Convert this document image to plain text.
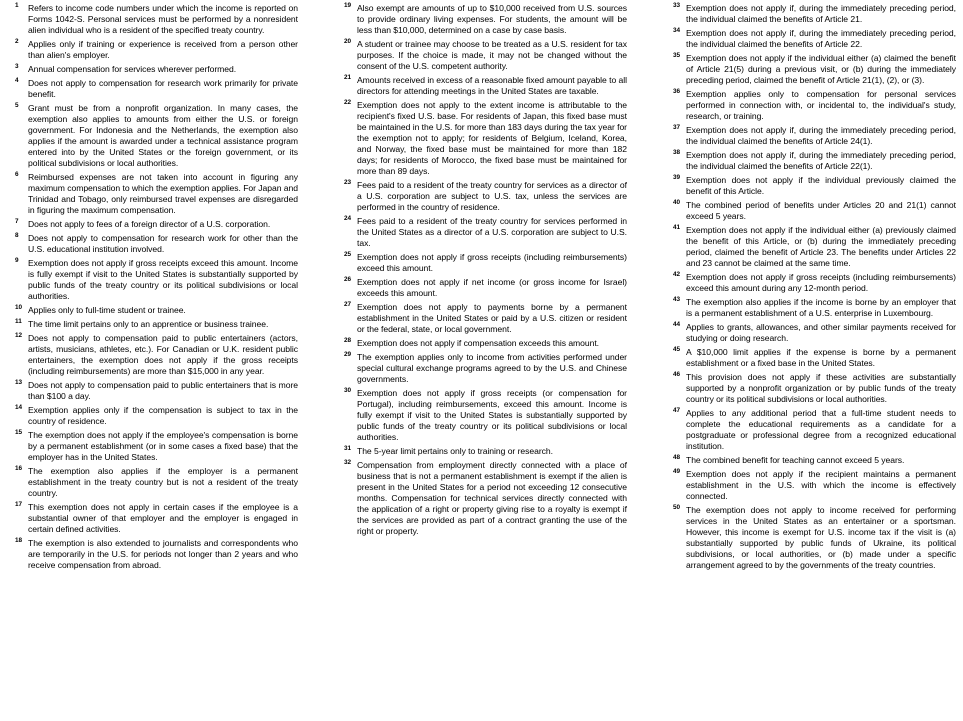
1 Refers to income code numbers under which the income is reported on Forms 1042-S. Personal services must be performed by a nonresident alien individual who is a resident of the specified treaty country.
2 Applies only if training or experience is received from a person other than alien's employer.
3 Annual compensation for services wherever performed.
4 Does not apply to compensation for research work primarily for private benefit.
5 Grant must be from a nonprofit organization. In many cases, the exemption also applies to amounts from either the U.S. or foreign government. For Indonesia and the Netherlands, the exemption also applies if the amount is awarded under a technical assistance program entered into by the United States or the foreign government, or its political subdivisions or local authorities.
6 Reimbursed expenses are not taken into account in figuring any maximum compensation to which the exemption applies. For Japan and Trinidad and Tobago, only reimbursed travel expenses are disregarded in figuring the maximum compensation.
7 Does not apply to fees of a foreign director of a U.S. corporation.
8 Does not apply to compensation for research work for other than the U.S. educational institution involved.
9 Exemption does not apply if gross receipts exceed this amount. Income is fully exempt if visit to the United States is substantially supported by public funds of the treaty country or its political subdivisions or local authorities.
10 Applies only to full-time student or trainee.
11 The time limit pertains only to an apprentice or business trainee.
12 Does not apply to compensation paid to public entertainers (actors, artists, musicians, athletes, etc.). For Canadian or U.K. resident public entertainers, the exemption does not apply if the gross receipts (including reimbursements) are more than $15,000 in any year.
13 Does not apply to compensation paid to public entertainers that is more than $100 a day.
14 Exemption applies only if the compensation is subject to tax in the country of residence.
15 The exemption does not apply if the employee's compensation is borne by a permanent establishment (or in some cases a fixed base) that the employer has in the United States.
16 The exemption also applies if the employer is a permanent establishment in the treaty country but is not a resident of the treaty country.
17 This exemption does not apply in certain cases if the employee is a substantial owner of that employer and the employer is engaged in certain defined activities.
18 The exemption is also extended to journalists and correspondents who are temporarily in the U.S. for periods not longer than 2 years and who receive compensation from abroad.
19 Also exempt are amounts of up to $10,000 received from U.S. sources to provide ordinary living expenses. For students, the amount will be less than $10,000, determined on a case by case basis.
20 A student or trainee may choose to be treated as a U.S. resident for tax purposes. If the choice is made, it may not be changed without the consent of the U.S. competent authority.
21 Amounts received in excess of a reasonable fixed amount payable to all directors for attending meetings in the United States are taxable.
22 Exemption does not apply to the extent income is attributable to the recipient's fixed U.S. base. For residents of Japan, this fixed base must be maintained in the U.S. for more than 183 days during the tax year for the exemption not to apply; for residents of Belgium, Iceland, Korea, and Norway, the fixed base must be maintained for more than 182 days; for residents of Morocco, the fixed base must be maintained for more than 89 days.
23 Fees paid to a resident of the treaty country for services as a director of a U.S. corporation are subject to U.S. tax, unless the services are performed in the country of residence.
24 Fees paid to a resident of the treaty country for services performed in the United States as a director of a U.S. corporation are subject to U.S. tax.
25 Exemption does not apply if gross receipts (including reimbursements) exceed this amount.
26 Exemption does not apply if net income (or gross income for Israel) exceeds this amount.
27 Exemption does not apply to payments borne by a permanent establishment in the United States or paid by a U.S. citizen or resident or the federal, state, or local government.
28 Exemption does not apply if compensation exceeds this amount.
29 The exemption applies only to income from activities performed under special cultural exchange programs agreed to by the U.S. and Chinese governments.
30 Exemption does not apply if gross receipts (or compensation for Portugal), including reimbursements, exceed this amount. Income is fully exempt if visit to the United States is substantially supported by public funds of the treaty country or its political subdivisions or local authorities.
31 The 5-year limit pertains only to training or research.
32 Compensation from employment directly connected with a place of business that is not a permanent establishment is exempt if the alien is present in the United States for a period not exceeding 12 consecutive months. Compensation for technical services directly connected with the application of a right or property giving rise to a royalty is exempt if the services are provided as part of a contract granting the use of the right or property.
33 Exemption does not apply if, during the immediately preceding period, the individual claimed the benefits of Article 21.
34 Exemption does not apply if, during the immediately preceding period, the individual claimed the benefits of Article 22.
35 Exemption does not apply if the individual either (a) claimed the benefit of Article 21(5) during a previous visit, or (b) during the immediately preceding period, claimed the benefit of Article 21(1), (2), or (3).
36 Exemption applies only to compensation for personal services performed in connection with, or incidental to, the individual's study, research, or training.
37 Exemption does not apply if, during the immediately preceding period, the individual claimed the benefits of Article 24(1).
38 Exemption does not apply if, during the immediately preceding period, the individual claimed the benefits of Article 22(1).
39 Exemption does not apply if the individual previously claimed the benefit of this Article.
40 The combined period of benefits under Articles 20 and 21(1) cannot exceed 5 years.
41 Exemption does not apply if the individual either (a) previously claimed the benefit of this Article, or (b) during the immediately preceding period, claimed the benefit of Article 23. The benefits under Articles 22 and 23 cannot be claimed at the same time.
42 Exemption does not apply if gross receipts (including reimbursements) exceed this amount during any 12-month period.
43 The exemption also applies if the income is borne by an employer that is a permanent establishment of a U.S. enterprise in Luxembourg.
44 Applies to grants, allowances, and other similar payments received for studying or doing research.
45 A $10,000 limit applies if the expense is borne by a permanent establishment or a fixed base in the United States.
46 This provision does not apply if these activities are substantially supported by a nonprofit organization or by public funds of the treaty country or its political subdivisions or local authorities.
47 Applies to any additional period that a full-time student needs to complete the educational requirements as a candidate for a postgraduate or professional degree from a recognized educational institution.
48 The combined benefit for teaching cannot exceed 5 years.
49 Exemption does not apply if the recipient maintains a permanent establishment in the U.S. with which the income is effectively connected.
50 The exemption does not apply to income received for performing services in the United States as an entertainer or a sportsman. However, this income is exempt for U.S. income tax if the visit is (a) substantially supported by public funds of Ukraine, its political subdivisions, or local authorities, or (b) made under a specific arrangement agreed to by the governments of the treaty countries.
